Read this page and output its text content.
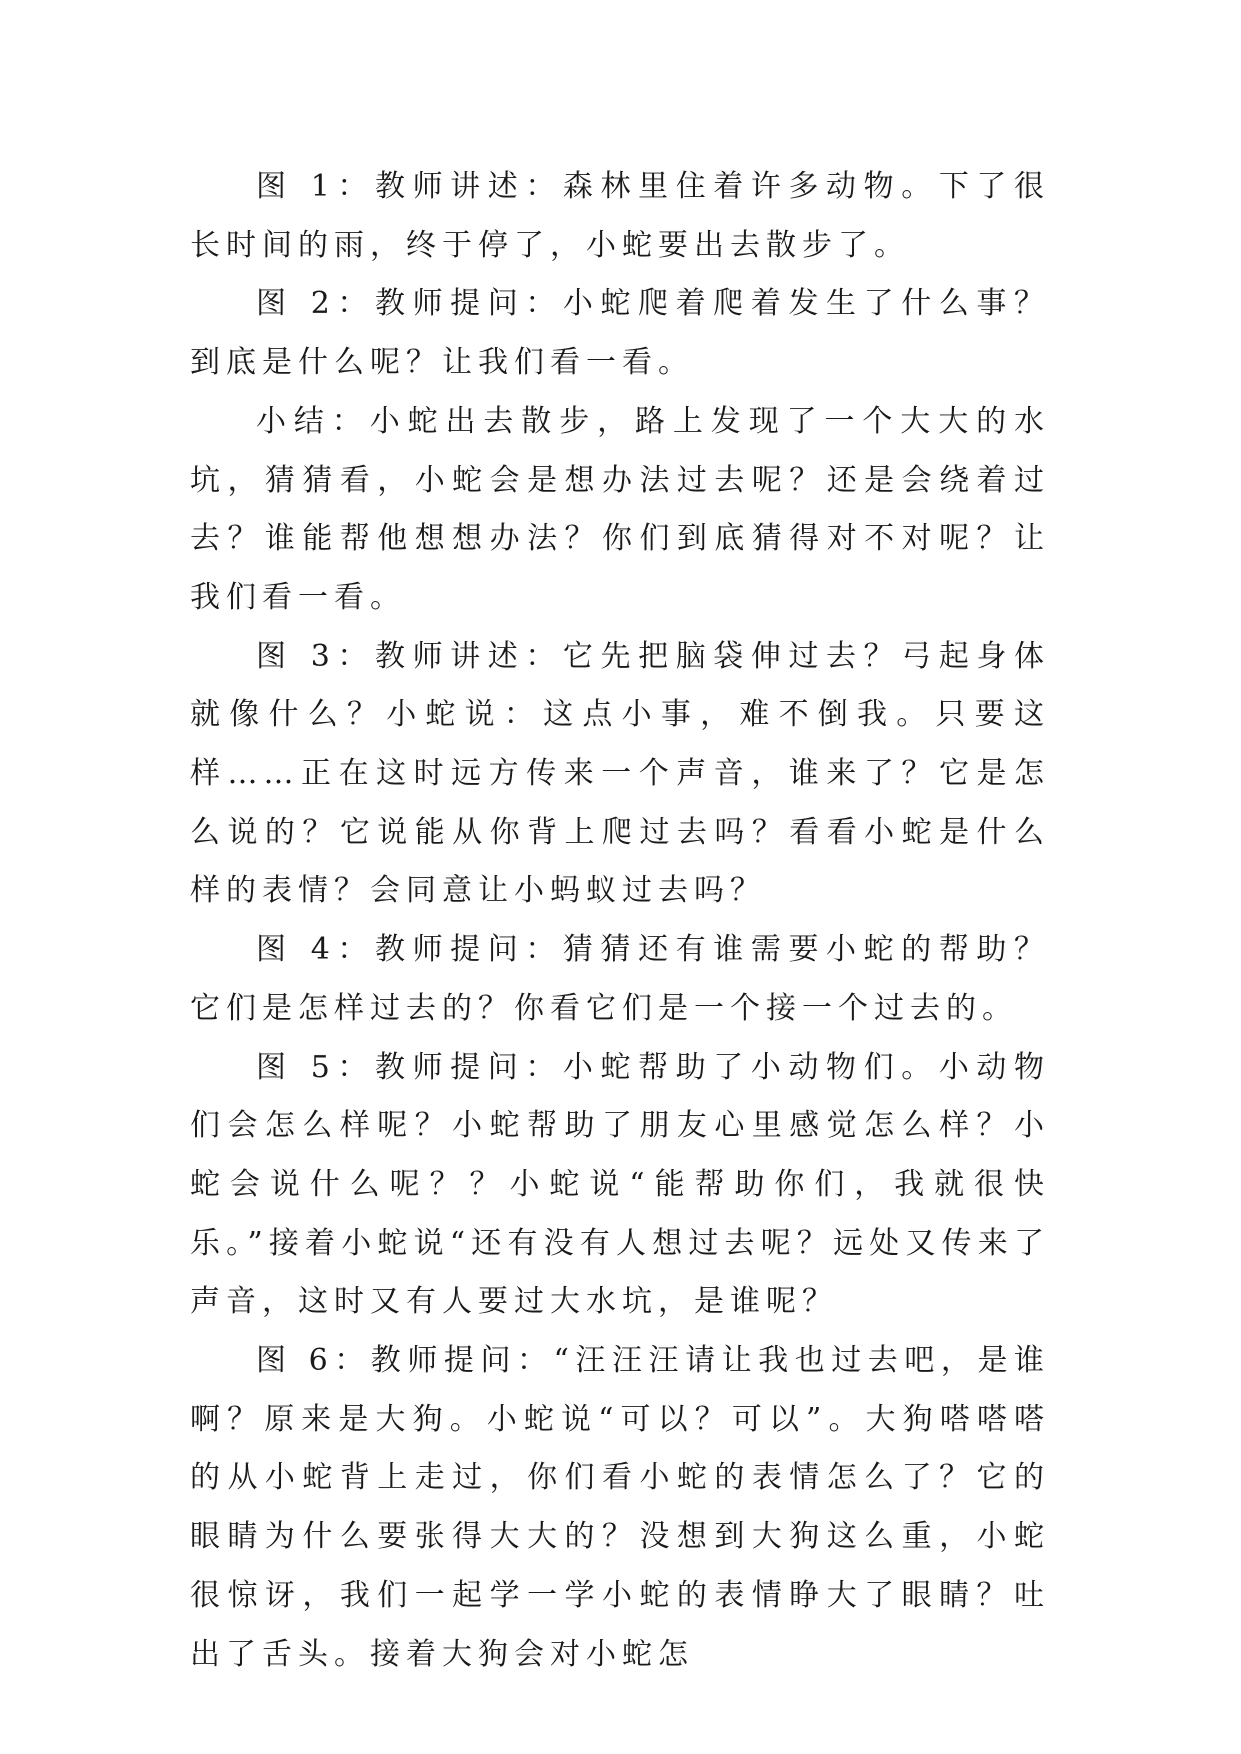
图 1：教师讲述：森林里住着许多动物。下了很长时间的雨，终于停了，小蛇要出去散步了。

图 2：教师提问：小蛇爬着爬着发生了什么事？到底是什么呢？让我们看一看。

小结：小蛇出去散步，路上发现了一个大大的水坑，猜猜看，小蛇会是想办法过去呢？还是会绕着过去？谁能帮他想想办法？你们到底猜得对不对呢？让我们看一看。

图 3：教师讲述：它先把脑袋伸过去？弓起身体就像什么？小蛇说：这点小事，难不倒我。只要这样……正在这时远方传来一个声音，谁来了？它是怎么说的？它说能从你背上爬过去吗？看看小蛇是什么样的表情？会同意让小蚂蚁过去吗？

图 4：教师提问：猜猜还有谁需要小蛇的帮助？它们是怎样过去的？你看它们是一个接一个过去的。

图 5：教师提问：小蛇帮助了小动物们。小动物们会怎么样呢？小蛇帮助了朋友心里感觉怎么样？小蛇会说什么呢？？小蛇说“能帮助你们，我就很快乐。”接着小蛇说“还有没有人想过去呢？远处又传来了声音，这时又有人要过大水坑，是谁呢？

图 6：教师提问：“汪汪汪请让我也过去吧，是谁啊？原来是大狗。小蛇说“可以？可以”。大狗嗒嗒嗒的从小蛇背上走过，你们看小蛇的表情怎么了？它的眼睛为什么要张得大大的？没想到大狗这么重，小蛇很惊讶，我们一起学一学小蛇的表情睁大了眼睛？吐出了舌头。接着大狗会对小蛇怎
